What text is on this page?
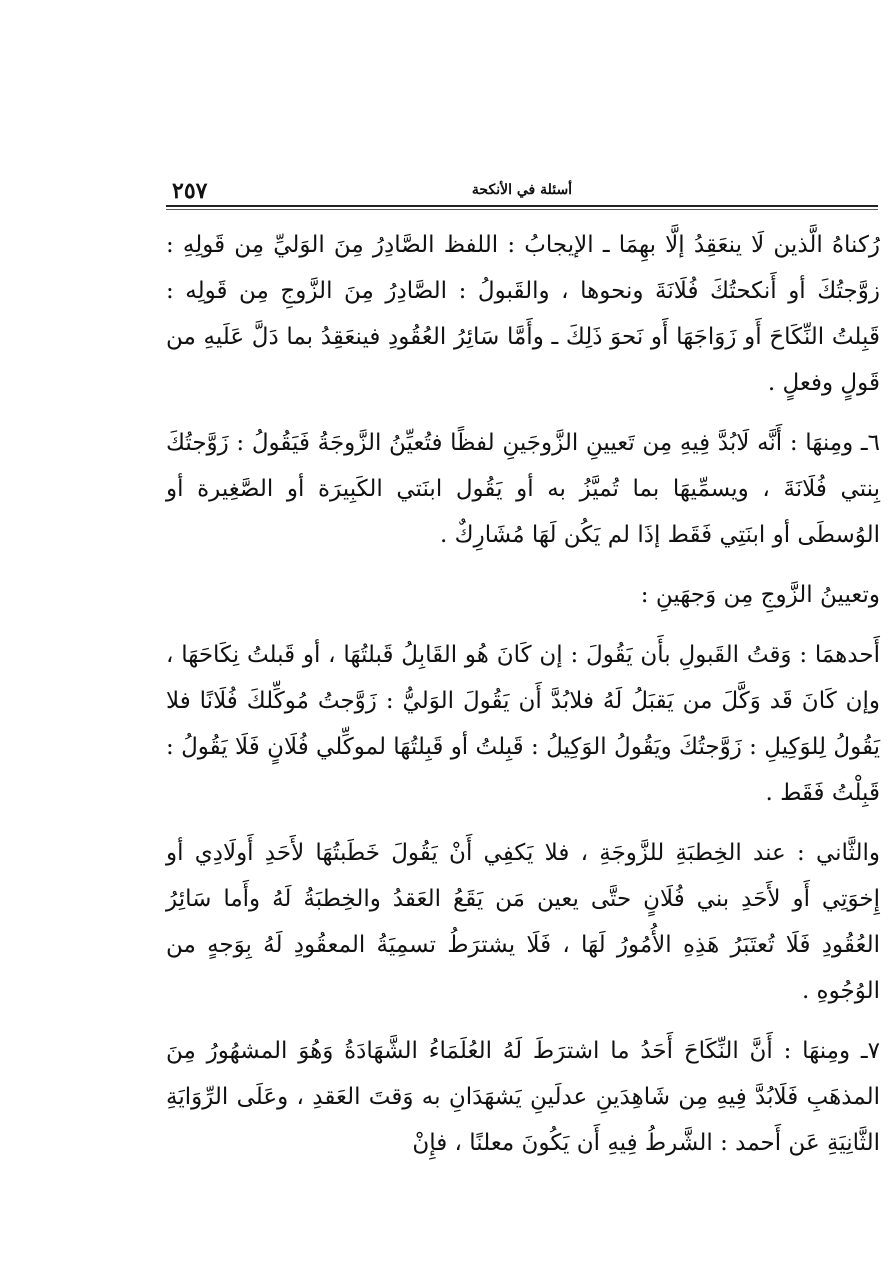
٢٥٧	أسئلة في الأنكحة

رُكناهُ الَّذين لَا ينعَقِدُ إلَّا بهِمَا ـ الإيجابُ : اللفظ الصَّادِرُ مِنَ الوَليِّ مِن قَولِهِ : زوَّجتُكَ أو أَنكحتُكَ فُلَانَةَ ونحوها ، والقَبولُ : الصَّادِرُ مِنَ الزَّوجِ مِن قَولِه : قَبِلتُ النِّكَاحَ أَو زَوَاجَهَا أَو نَحوَ ذَلِكَ ـ وأَمَّا سَائِرُ العُقُودِ فينعَقِدُ بما دَلَّ عَلَيهِ من قَولٍ وفعلٍ .

٦ـ ومِنهَا : أَنَّه لَابُدَّ فِيهِ مِن تَعيينِ الزَّوجَينِ لفظًا فتُعيِّنُ الزَّوجَةُ فَيَقُولُ : زَوَّجتُكَ بِنتي فُلَانَةَ ، ويسمِّيهَا بما تُميَّزُ به أو يَقُول ابنَتي الكَبِيرَة أو الصَّغِيرة أو الوُسطَى أو ابنَتِي فَقَط إذَا لم يَكُن لَهَا مُشَارِكٌ .

وتعيينُ الزَّوجِ مِن وَجهَينِ :

أَحدهمَا : وَقتُ القَبولِ بأَن يَقُولَ : إن كَانَ هُو القَابِلُ قَبلتُهَا ، أو قَبلتُ نِكَاحَهَا ، وإن كَانَ قَد وَكَّلَ من يَقبَلُ لَهُ فلابُدَّ أَن يَقُولَ الوَليُّ : زَوَّجتُ مُوكِّلكَ فُلَانًا فلا يَقُولُ لِلوَكِيلِ : زَوَّجتُكَ ويَقُولُ الوَكِيلُ : قَبِلتُ أو قَبِلتُهَا لموكِّلي فُلَانٍ فَلَا يَقُولُ : قَبِلْتُ فَقَط .

والثَّاني : عند الخِطبَةِ للزَّوجَةِ ، فلا يَكفِي أَنْ يَقُولَ خَطَبتُهَا لأَحَدِ أَولَادِي أو إِخوَتِي أَو لأَحَدِ بني فُلَانٍ حتَّى يعين مَن يَقَعُ العَقدُ والخِطبَةُ لَهُ وأَما سَائِرُ العُقُودِ فَلَا تُعتَبَرُ هَذِهِ الأُمُورُ لَهَا ، فَلَا يشترَطُ تسمِيَةُ المعقُودِ لَهُ بِوَجهٍ من الوُجُوهِ .

٧ـ ومِنهَا : أَنَّ النِّكَاحَ أَحَدُ ما اشترَطَ لَهُ العُلَمَاءُ الشَّهَادَةُ وَهُوَ المشهُورُ مِنَ المذهَبِ فَلَابُدَّ فِيهِ مِن شَاهِدَينِ عدلَينِ يَشهَدَانِ به وَقتَ العَقدِ ، وعَلَى الرِّوَايَةِ الثَّانِيَةِ عَن أَحمد : الشَّرطُ فِيهِ أَن يَكُونَ معلنًا ، فإِنْ
